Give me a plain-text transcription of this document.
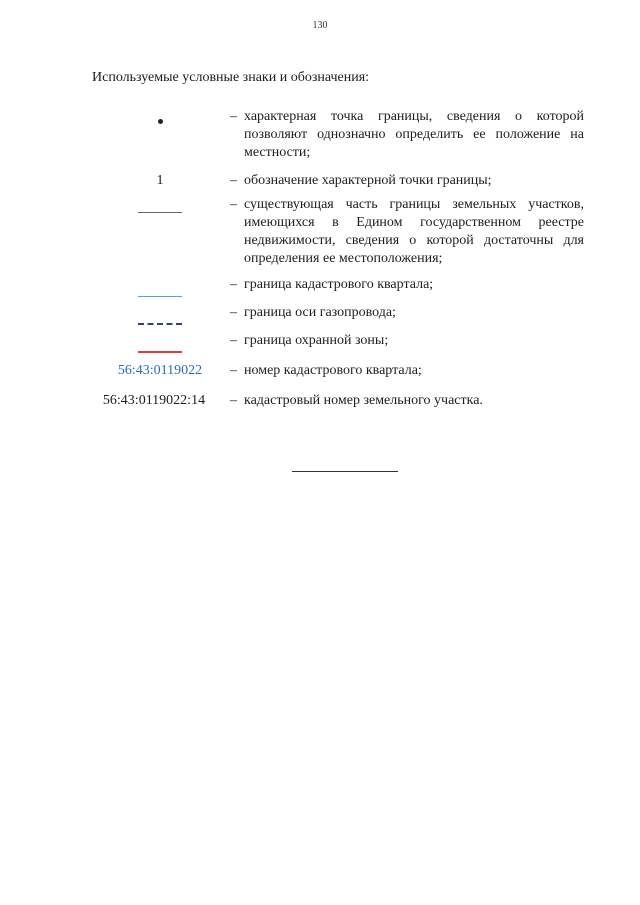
130
Используемые условные знаки и обозначения:
– характерная точка границы, сведения о которой позволяют однозначно определить ее положение на местности;
1	– обозначение характерной точки границы;
– существующая часть границы земельных участков, имеющихся в Едином государственном реестре недвижимости, сведения о которой достаточны для определения ее местоположения;
– граница кадастрового квартала;
– граница оси газопровода;
– граница охранной зоны;
56:43:0119022 – номер кадастрового квартала;
56:43:0119022:14 – кадастровый номер земельного участка.
